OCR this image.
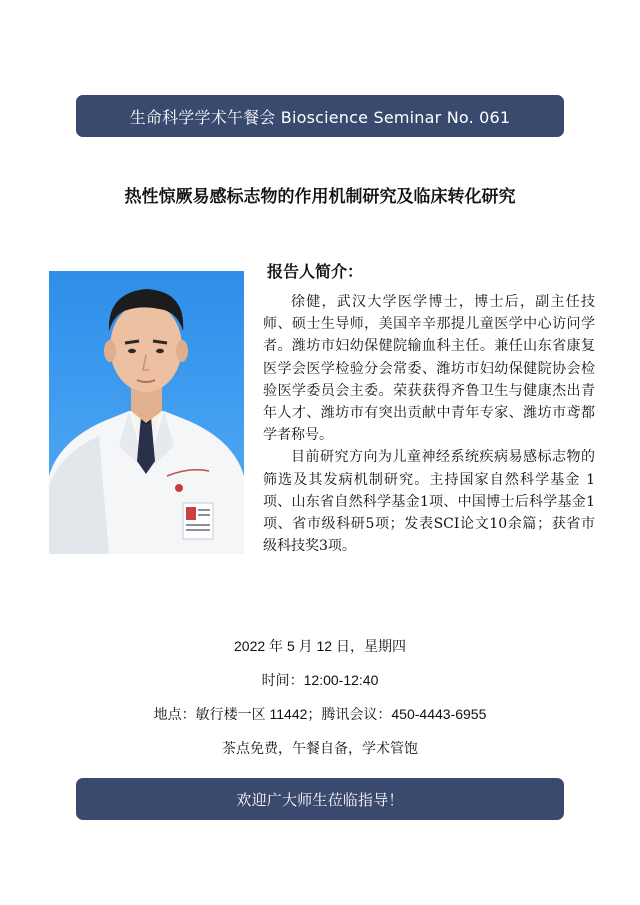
生命科学学术午餐会 Bioscience Seminar No. 061
热性惊厥易感标志物的作用机制研究及临床转化研究
报告人简介：

徐健，武汉大学医学博士，博士后，副主任技师、硕士生导师，美国辛辛那提儿童医学中心访问学者。潍坊市妇幼保健院输血科主任。兼任山东省康复医学会医学检验分会常委、潍坊市妇幼保健院协会检验医学委员会主委。荣获获得齐鲁卫生与健康杰出青年人才、潍坊市有突出贡献中青年专家、潍坊市鸢都学者称号。

目前研究方向为儿童神经系统疾病易感标志物的筛选及其发病机制研究。主持国家自然科学基金 1 项、山东省自然科学基金1项、中国博士后科学基金1项、省市级科研5项；发表SCI论文10余篇；获省市级科技奖3项。

2022 年 5 月 12 日，星期四
时间：12:00-12:40
地点：敏行楼一区 11442；腾讯会议：450-4443-6955
茶点免费，午餐自备，学术管饱
欢迎广大师生莅临指导！
